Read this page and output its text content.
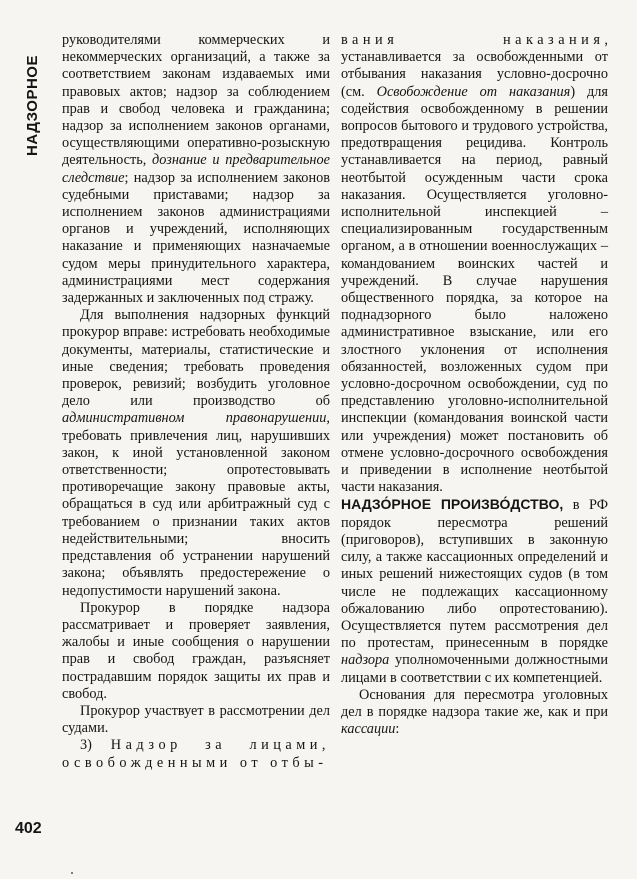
НАДЗОРНОЕ

руководителями коммерческих и некоммерческих организаций, а также за соответствием законам издаваемых ими правовых актов; надзор за соблюдением прав и свобод человека и гражданина; надзор за исполнением законов органами, осуществляющими оперативно-розыскную деятельность, дознание и предварительное следствие; надзор за исполнением законов судебными приставами; надзор за исполнением законов администрациями органов и учреждений, исполняющих наказание и применяющих назначаемые судом меры принудительного характера, администрациями мест содержания задержанных и заключенных под стражу.

Для выполнения надзорных функций прокурор вправе: истребовать необходимые документы, материалы, статистические и иные сведения; требовать проведения проверок, ревизий; возбудить уголовное дело или производство об административном правонарушении, требовать привлечения лиц, нарушивших закон, к иной установленной законом ответственности; опротестовывать противоречащие закону правовые акты, обращаться в суд или арбитражный суд с требованием о признании таких актов недействительными; вносить представления об устранении нарушений закона; объявлять предостережение о недопустимости нарушений закона.

Прокурор в порядке надзора рассматривает и проверяет заявления, жалобы и иные сообщения о нарушении прав и свобод граждан, разъясняет пострадавшим порядок защиты их прав и свобод.

Прокурор участвует в рассмотрении дел судами.

3) Надзор за лицами, освобожденными от отбы-

вания наказания, устанавливается за освобожденными от отбывания наказания условно-досрочно (см. Освобождение от наказания) для содействия освобожденному в решении вопросов бытового и трудового устройства, предотвращения рецидива. Контроль устанавливается на период, равный неотбытой осужденным части срока наказания. Осуществляется уголовно-исполнительной инспекцией – специализированным государственным органом, а в отношении военнослужащих – командованием воинских частей и учреждений. В случае нарушения общественного порядка, за которое на поднадзорного было наложено административное взыскание, или его злостного уклонения от исполнения обязанностей, возложенных судом при условно-досрочном освобождении, суд по представлению уголовно-исполнительной инспекции (командования воинской части или учреждения) может постановить об отмене условно-досрочного освобождения и приведении в исполнение неотбытой части наказания.

НАДЗО́РНОЕ ПРОИЗВО́ДСТВО, в РФ порядок пересмотра решений (приговоров), вступивших в законную силу, а также кассационных определений и иных решений нижестоящих судов (в том числе не подлежащих кассационному обжалованию либо опротестованию). Осуществляется путем рассмотрения дел по протестам, принесенным в порядке надзора уполномоченными должностными лицами в соответствии с их компетенцией.

Основания для пересмотра уголовных дел в порядке надзора такие же, как и при кассации:

402
